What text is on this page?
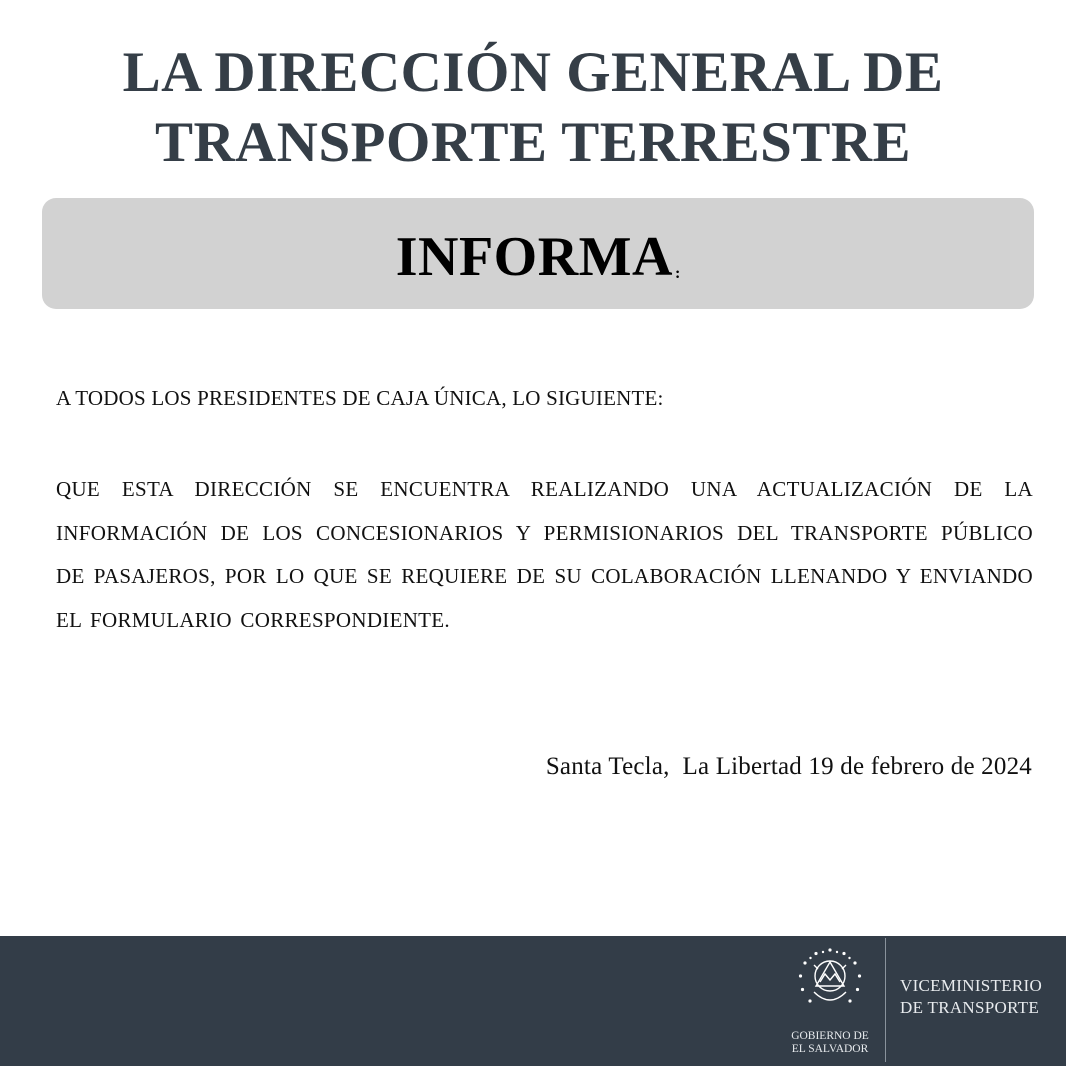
LA DIRECCIÓN GENERAL DE
TRANSPORTE TERRESTRE
INFORMA :
A TODOS LOS PRESIDENTES DE CAJA ÚNICA, LO SIGUIENTE:
QUE ESTA DIRECCIÓN SE ENCUENTRA REALIZANDO UNA ACTUALIZACIÓN DE LA INFORMACIÓN DE LOS CONCESIONARIOS Y PERMISIONARIOS DEL TRANSPORTE PÚBLICO DE PASAJEROS, POR LO QUE SE REQUIERE DE SU COLABORACIÓN LLENANDO Y ENVIANDO EL FORMULARIO CORRESPONDIENTE.
Santa Tecla,  La Libertad 19 de febrero de 2024
GOBIERNO DE
EL SALVADOR
VICEMINISTERIO
DE TRANSPORTE
